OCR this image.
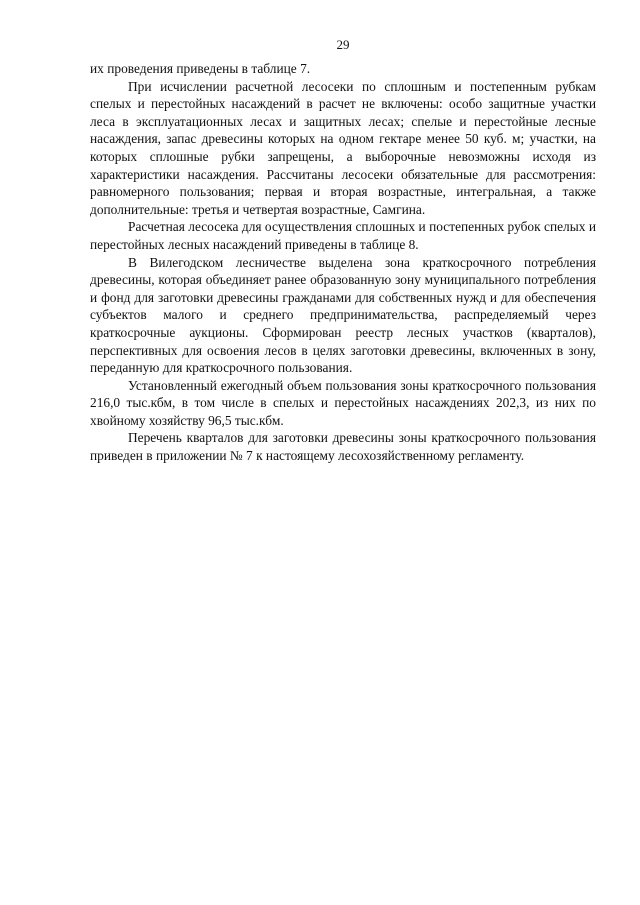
29

их проведения приведены в таблице 7.

При исчислении расчетной лесосеки по сплошным и постепенным рубкам спелых и перестойных насаждений в расчет не включены: особо защитные участки леса в эксплуатационных лесах и защитных лесах; спелые и перестойные лесные насаждения, запас древесины которых на одном гектаре менее 50 куб. м; участки, на которых сплошные рубки запрещены, а выборочные невозможны исходя из характеристики насаждения. Рассчитаны лесосеки обязательные для рассмотрения: равномерного пользования; первая и вторая возрастные, интегральная, а также дополнительные: третья и четвертая возрастные, Самгина.

Расчетная лесосека для осуществления сплошных и постепенных рубок спелых и перестойных лесных насаждений приведены в таблице 8.

В Вилегодском лесничестве выделена зона краткосрочного потребления древесины, которая объединяет ранее образованную зону муниципального потребления и фонд для заготовки древесины гражданами для собственных нужд и для обеспечения субъектов малого и среднего предпринимательства, распределяемый через краткосрочные аукционы. Сформирован реестр лесных участков (кварталов), перспективных для освоения лесов в целях заготовки древесины, включенных в зону, переданную для краткосрочного пользования.

Установленный ежегодный объем пользования зоны краткосрочного пользования 216,0 тыс.кбм, в том числе в спелых и перестойных насаждениях 202,3, из них по хвойному хозяйству 96,5 тыс.кбм.

Перечень кварталов для заготовки древесины зоны краткосрочного пользования приведен в приложении № 7 к настоящему лесохозяйственному регламенту.
